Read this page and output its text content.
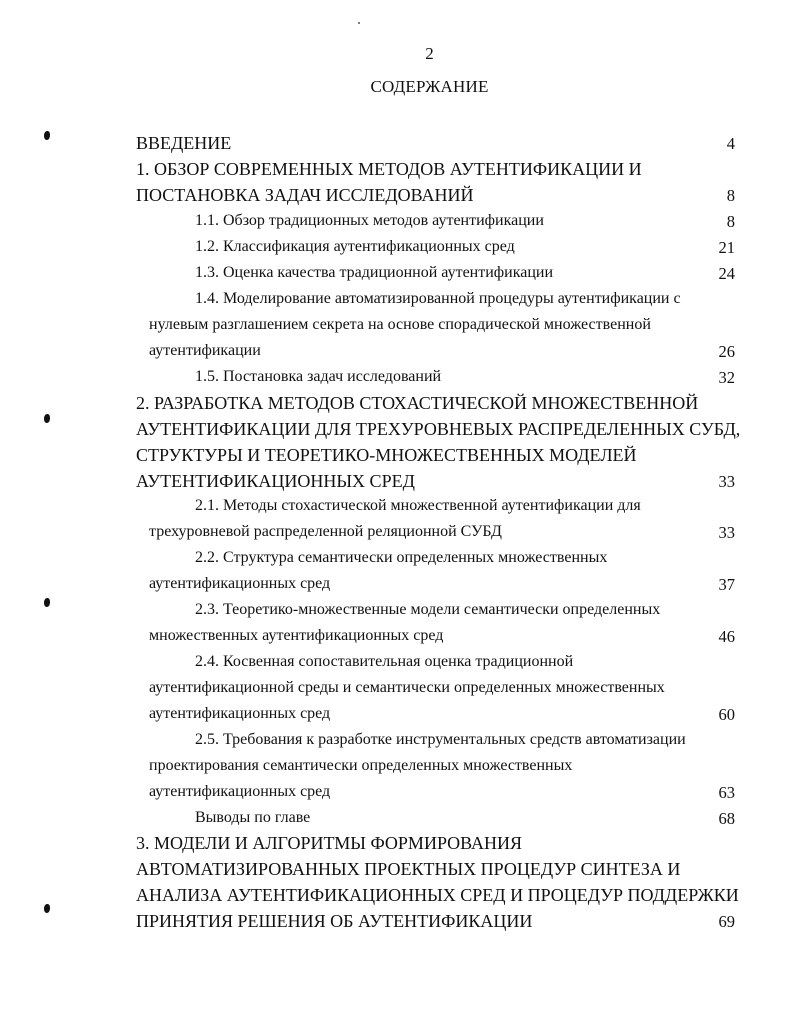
2
СОДЕРЖАНИЕ
ВВЕДЕНИЕ	4
1. ОБЗОР СОВРЕМЕННЫХ МЕТОДОВ АУТЕНТИФИКАЦИИ И
ПОСТАНОВКА ЗАДАЧ ИССЛЕДОВАНИЙ	8
1.1. Обзор традиционных методов аутентификации	8
1.2. Классификация аутентификационных сред	21
1.3. Оценка качества традиционной аутентификации	24
1.4. Моделирование автоматизированной процедуры аутентификации с
нулевым разглашением секрета на основе спорадической множественной
аутентификации	26
1.5. Постановка задач исследований	32
2. РАЗРАБОТКА МЕТОДОВ СТОХАСТИЧЕСКОЙ МНОЖЕСТВЕННОЙ
АУТЕНТИФИКАЦИИ ДЛЯ ТРЕХУРОВНЕВЫХ РАСПРЕДЕЛЕННЫХ СУБД,
СТРУКТУРЫ И ТЕОРЕТИКО-МНОЖЕСТВЕННЫХ МОДЕЛЕЙ
АУТЕНТИФИКАЦИОННЫХ СРЕД	33
2.1. Методы стохастической множественной аутентификации для
трехуровневой распределенной реляционной СУБД	33
2.2. Структура семантически определенных множественных
аутентификационных сред	37
2.3. Теоретико-множественные модели семантически определенных
множественных аутентификационных сред	46
2.4. Косвенная сопоставительная оценка традиционной
аутентификационной среды и семантически определенных множественных
аутентификационных сред	60
2.5. Требования к разработке инструментальных средств автоматизации
проектирования семантически определенных множественных
аутентификационных сред	63
Выводы по главе	68
3. МОДЕЛИ И АЛГОРИТМЫ ФОРМИРОВАНИЯ
АВТОМАТИЗИРОВАННЫХ ПРОЕКТНЫХ ПРОЦЕДУР СИНТЕЗА И
АНАЛИЗА АУТЕНТИФИКАЦИОННЫХ СРЕД И ПРОЦЕДУР ПОДДЕРЖКИ
ПРИНЯТИЯ РЕШЕНИЯ ОБ АУТЕНТИФИКАЦИИ	69
